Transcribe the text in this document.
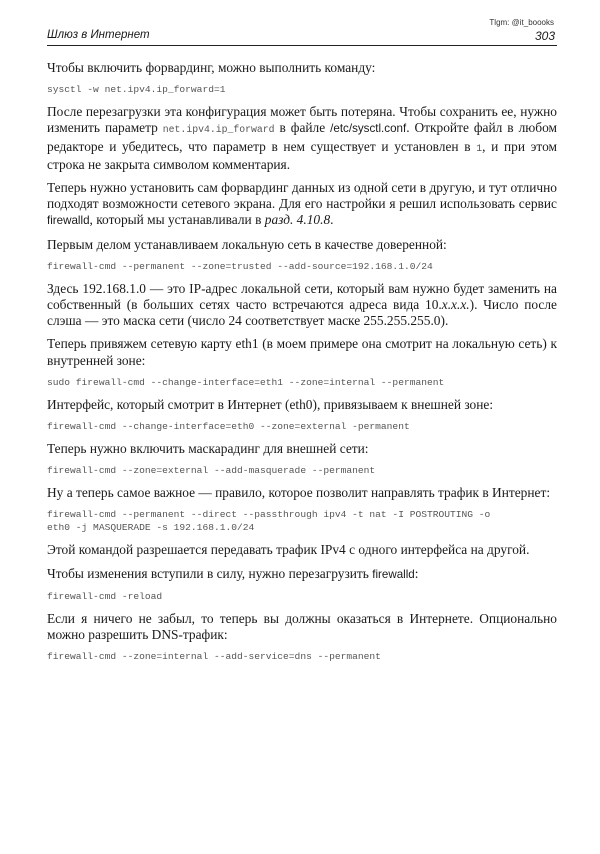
Tlgm: @it_boooks
Шлюз в Интернет	303

Чтобы включить форвардинг, можно выполнить команду:

sysctl -w net.ipv4.ip_forward=1

После перезагрузки эта конфигурация может быть потеряна. Чтобы сохранить ее, нужно изменить параметр net.ipv4.ip_forward в файле /etc/sysctl.conf. Откройте файл в любом редакторе и убедитесь, что параметр в нем существует и установлен в 1, и при этом строка не закрыта символом комментария.

Теперь нужно установить сам форвардинг данных из одной сети в другую, и тут отлично подходят возможности сетевого экрана. Для его настройки я решил использовать сервис firewalld, который мы устанавливали в разд. 4.10.8.

Первым делом устанавливаем локальную сеть в качестве доверенной:

firewall-cmd --permanent --zone=trusted --add-source=192.168.1.0/24

Здесь 192.168.1.0 — это IP-адрес локальной сети, который вам нужно будет заменить на собственный (в больших сетях часто встречаются адреса вида 10.x.x.x.). Число после слэша — это маска сети (число 24 соответствует маске 255.255.255.0).

Теперь привяжем сетевую карту eth1 (в моем примере она смотрит на локальную сеть) к внутренней зоне:

sudo firewall-cmd --change-interface=eth1 --zone=internal --permanent

Интерфейс, который смотрит в Интернет (eth0), привязываем к внешней зоне:

firewall-cmd --change-interface=eth0 --zone=external -permanent

Теперь нужно включить маскарадинг для внешней сети:

firewall-cmd --zone=external --add-masquerade --permanent

Ну а теперь самое важное — правило, которое позволит направлять трафик в Интернет:

firewall-cmd --permanent --direct --passthrough ipv4 -t nat -I POSTROUTING -o
eth0 -j MASQUERADE -s 192.168.1.0/24

Этой командой разрешается передавать трафик IPv4 с одного интерфейса на другой.

Чтобы изменения вступили в силу, нужно перезагрузить firewalld:

firewall-cmd -reload

Если я ничего не забыл, то теперь вы должны оказаться в Интернете. Опционально можно разрешить DNS-трафик:

firewall-cmd --zone=internal --add-service=dns --permanent
